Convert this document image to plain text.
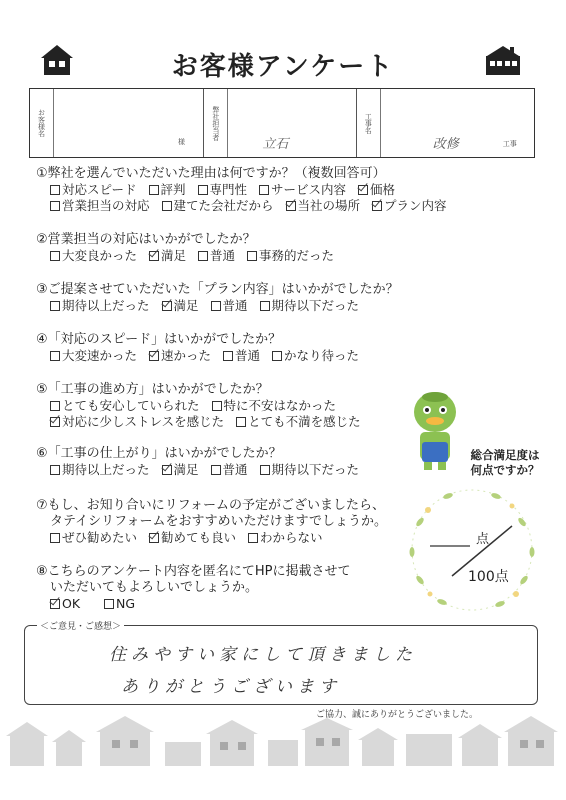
お客様アンケート
お客様名
様
弊社担当者
立石
工事名
改修	工事
①弊社を選んでいただいた理由は何ですか？（複数回答可）
対応スピード 評判 専門性 サービス内容 価格
営業担当の対応 建てた会社だから 当社の場所 プラン内容
②営業担当の対応はいかがでしたか？
大変良かった 満足 普通 事務的だった
③ご提案させていただいた「プラン内容」はいかがでしたか？
期待以上だった 満足 普通 期待以下だった
④「対応のスピード」はいかがでしたか？
大変速かった 速かった 普通 かなり待った
⑤「工事の進め方」はいかがでしたか？
とても安心していられた 特に不安はなかった
対応に少しストレスを感じた とても不満を感じた
⑥「工事の仕上がり」はいかがでしたか？
期待以上だった 満足 普通 期待以下だった
⑦もし、お知り合いにリフォームの予定がございましたら、
タテイシリフォームをおすすめいただけますでしょうか。
ぜひ勧めたい 勧めても良い わからない
⑧こちらのアンケート内容を匿名にてHPに掲載させて
いただいてもよろしいでしょうか。
OK	NG
総合満足度は
何点ですか？
点
100点
＜ご意見・ご感想＞
住みやすい家にして頂きました
ありがとうございます
ご協力、誠にありがとうございました。
